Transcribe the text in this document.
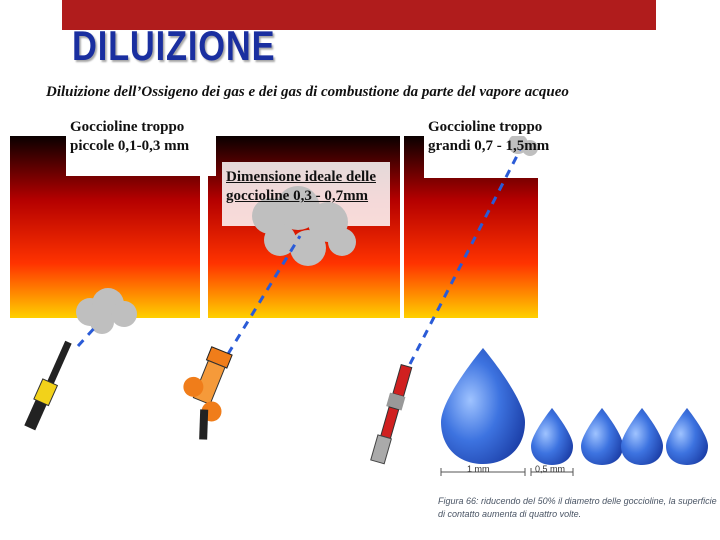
DILUIZIONE
Diluizione dell’Ossigeno dei gas e dei gas di combustione da parte del vapore acqueo
Goccioline troppo piccole 0,1-0,3 mm
Dimensione ideale delle goccioline 0,3 - 0,7mm
Goccioline troppo grandi 0,7 - 1,5mm
1 mm	0,5 mm
Figura 66: riducendo del 50% il diametro delle goccioline, la superficie di contatto aumenta di quattro volte.
